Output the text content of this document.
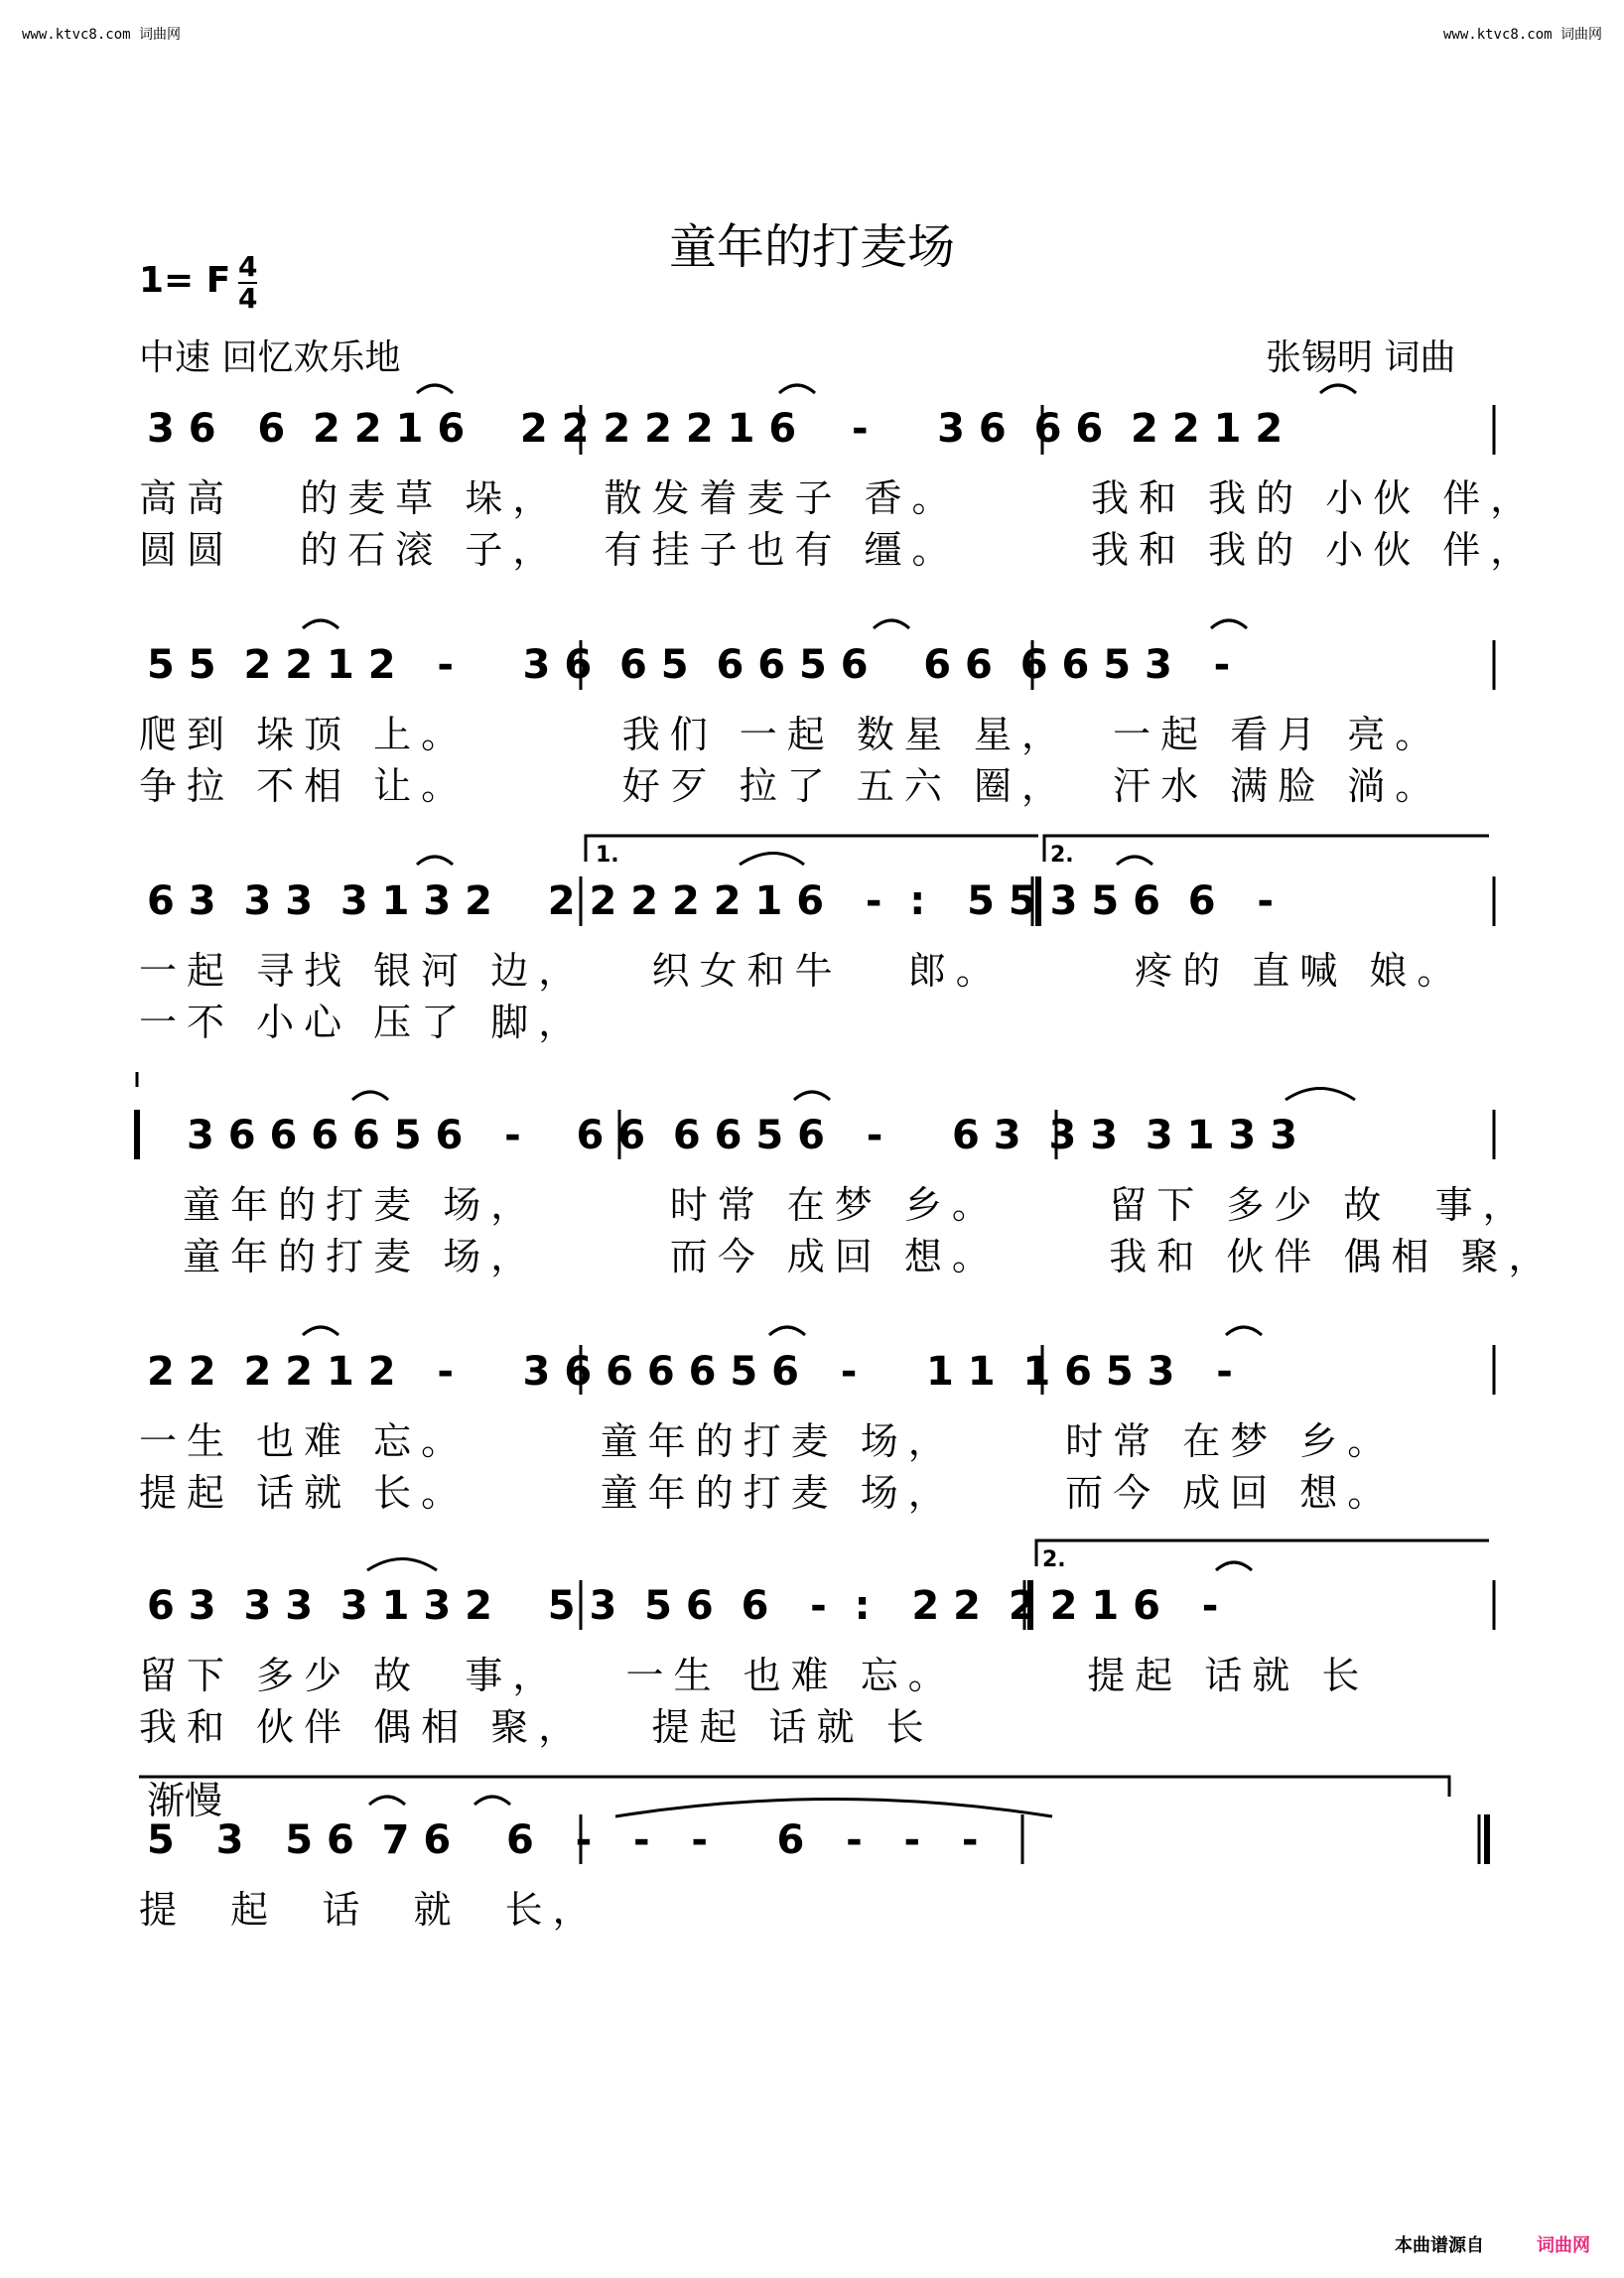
www.ktvc8.com 词曲网	www.ktvc8.com 词曲网
童年的打麦场
1= F 4
4
中速 回忆欢乐地	张锡明 词曲
3 6   6  2 2 1 6    2 2 2 2 2 1 6    -     3 6  6 6  2 2 1 2
高高   的麦草 垛，  散发着麦子 香。      我和 我的 小伙 伴，
圆圆   的石滚 子，  有挂子也有 缰。      我和 我的 小伙 伴，
5 5  2 2 1 2   -     3 6  6 5  6 6 5 6    6 6  6 6 5 3   -
爬到 垛顶 上。       我们 一起 数星 星，  一起 看月 亮。
争拉 不相 让。       好歹 拉了 五六 圈，  汗水 满脸 淌。
6 3  3 3  3 1 3 2    2 2 2 2 2 1 6   -  :   5 5 3 5 6  6   -
一起 寻找 银河 边，   织女和牛   郎。      疼的 直喊 娘。
一不 小心 压了 脚，
1.	2.
3 6 6 6 6 5 6   -    6 6  6 6 5 6   -     6 3  3 3  3 1 3 3
童年的打麦 场，      时常 在梦 乡。     留下 多少 故  事，
童年的打麦 场，      而今 成回 想。     我和 伙伴 偶相 聚，
2 2  2 2 1 2   -     3 6 6 6 6 5 6   -     1 1  1 6 5 3   -
一生 也难 忘。      童年的打麦 场，     时常 在梦 乡。
提起 话就 长。      童年的打麦 场，     而今 成回 想。
6 3  3 3  3 1 3 2    5 3  5 6  6   -  :   2 2  2 2 1 6   -
留下 多少 故  事，   一生 也难 忘。      提起 话就 长
我和 伙伴 偶相 聚，   提起 话就 长
2.
渐慢
5   3   5 6  7 6    6   -   -   -     6   -   -   -
提  起  话  就  长，
本曲谱源自	词曲网
